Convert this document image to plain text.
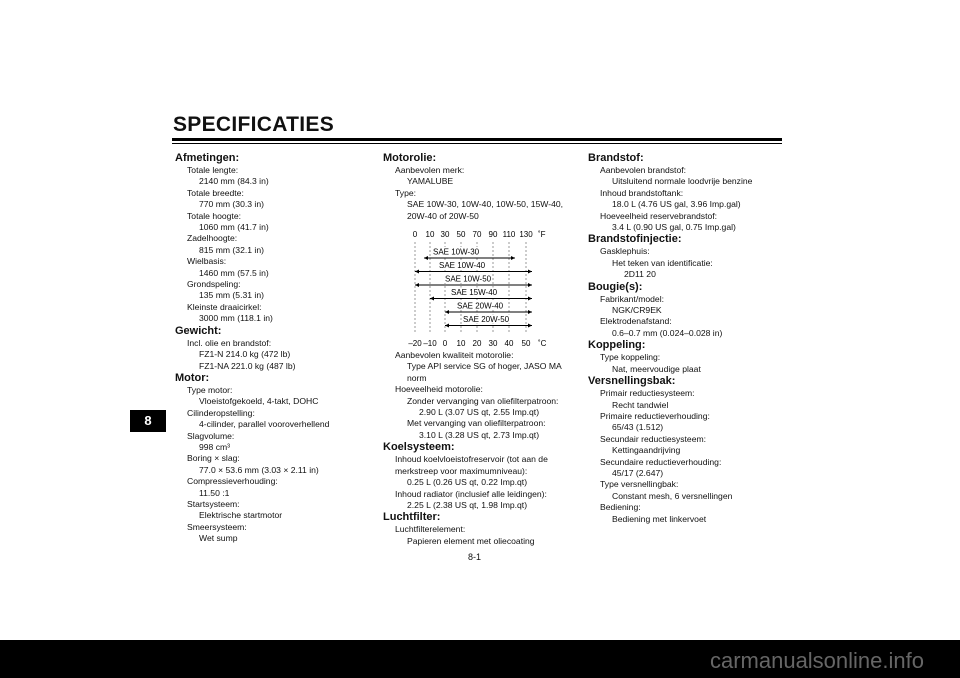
SPECIFICATIES
8
Afmetingen:
Totale lengte:
2140 mm (84.3 in)
Totale breedte:
770 mm (30.3 in)
Totale hoogte:
1060 mm (41.7 in)
Zadelhoogte:
815 mm (32.1 in)
Wielbasis:
1460 mm (57.5 in)
Grondspeling:
135 mm (5.31 in)
Kleinste draaicirkel:
3000 mm (118.1 in)
Gewicht:
Incl. olie en brandstof:
FZ1-N 214.0 kg (472 lb)
FZ1-NA 221.0 kg (487 lb)
Motor:
Type motor:
Vloeistofgekoeld, 4-takt, DOHC
Cilinderopstelling:
4-cilinder, parallel vooroverhellend
Slagvolume:
998 cm³
Boring × slag:
77.0 × 53.6 mm (3.03 × 2.11 in)
Compressieverhouding:
11.50 :1
Startsysteem:
Elektrische startmotor
Smeersysteem:
Wet sump
Motorolie:
Aanbevolen merk:
YAMALUBE
Type:
SAE 10W-30, 10W-40, 10W-50, 15W-40,
20W-40 of 20W-50
0 10 30 50 70 90 110 130 ˚F
–20 –10 0 10 20 30 40 50 ˚C
SAE 10W-30
SAE 10W-40
SAE 10W-50
SAE 15W-40
SAE 20W-40
SAE 20W-50
Aanbevolen kwaliteit motorolie:
Type API service SG of hoger, JASO MA
norm
Hoeveelheid motorolie:
Zonder vervanging van oliefilterpatroon:
2.90 L (3.07 US qt, 2.55 Imp.qt)
Met vervanging van oliefilterpatroon:
3.10 L (3.28 US qt, 2.73 Imp.qt)
Koelsysteem:
Inhoud koelvloeistofreservoir (tot aan de
merkstreep voor maximumniveau):
0.25 L (0.26 US qt, 0.22 Imp.qt)
Inhoud radiator (inclusief alle leidingen):
2.25 L (2.38 US qt, 1.98 Imp.qt)
Luchtfilter:
Luchtfilterelement:
Papieren element met oliecoating
Brandstof:
Aanbevolen brandstof:
Uitsluitend normale loodvrije benzine
Inhoud brandstoftank:
18.0 L (4.76 US gal, 3.96 Imp.gal)
Hoeveelheid reservebrandstof:
3.4 L (0.90 US gal, 0.75 Imp.gal)
Brandstofinjectie:
Gasklephuis:
Het teken van identificatie:
2D11 20
Bougie(s):
Fabrikant/model:
NGK/CR9EK
Elektrodenafstand:
0.6–0.7 mm (0.024–0.028 in)
Koppeling:
Type koppeling:
Nat, meervoudige plaat
Versnellingsbak:
Primair reductiesysteem:
Recht tandwiel
Primaire reductieverhouding:
65/43 (1.512)
Secundair reductiesysteem:
Kettingaandrijving
Secundaire reductieverhouding:
45/17 (2.647)
Type versnellingbak:
Constant mesh, 6 versnellingen
Bediening:
Bediening met linkervoet
8-1
carmanualsonline.info
